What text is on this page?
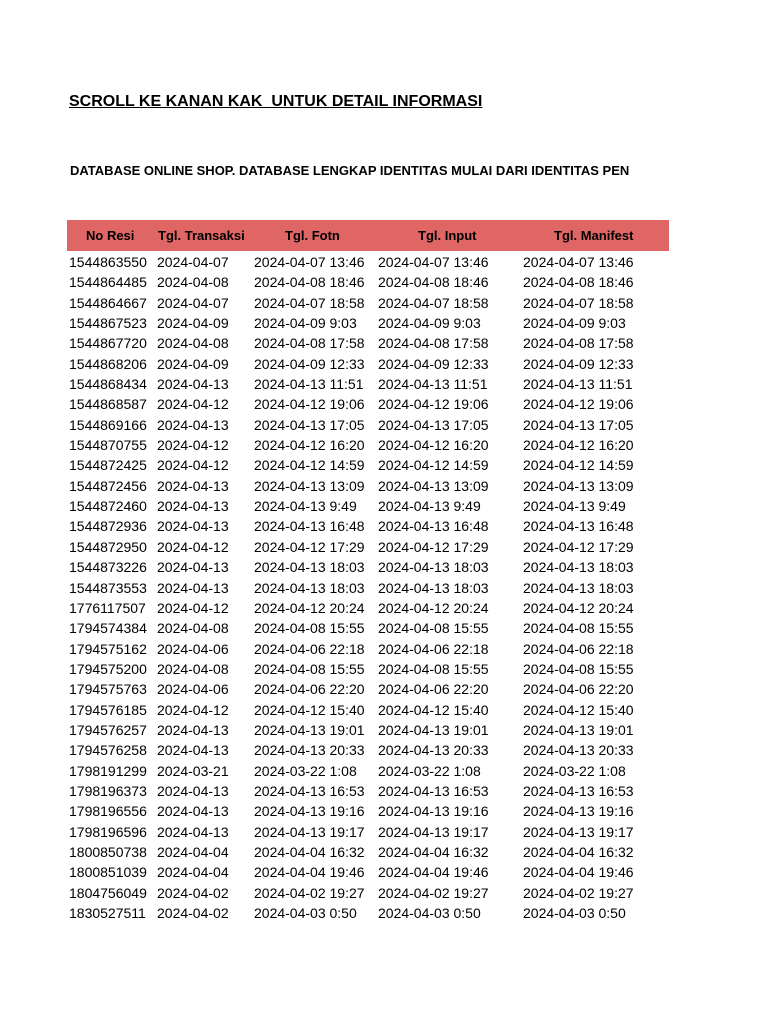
SCROLL KE KANAN KAK  UNTUK DETAIL INFORMASI
DATABASE ONLINE SHOP. DATABASE LENGKAP IDENTITAS MULAI DARI IDENTITAS PEN
No Resi Tgl. Transaksi	Tgl. Fotn	Tgl. Input	Tgl. Manifest
1544863550 2024-04-07 2024-04-07 13:46 2024-04-07 13:46 2024-04-07 13:46
1544864485 2024-04-08 2024-04-08 18:46 2024-04-08 18:46 2024-04-08 18:46
1544864667 2024-04-07 2024-04-07 18:58 2024-04-07 18:58 2024-04-07 18:58
1544867523 2024-04-09 2024-04-09 9:03 2024-04-09 9:03	2024-04-09 9:03
1544867720 2024-04-08 2024-04-08 17:58 2024-04-08 17:58 2024-04-08 17:58
1544868206 2024-04-09 2024-04-09 12:33 2024-04-09 12:33 2024-04-09 12:33
1544868434 2024-04-13 2024-04-13 11:51 2024-04-13 11:51	2024-04-13 11:51
1544868587 2024-04-12 2024-04-12 19:06 2024-04-12 19:06 2024-04-12 19:06
1544869166 2024-04-13 2024-04-13 17:05 2024-04-13 17:05 2024-04-13 17:05
1544870755 2024-04-12 2024-04-12 16:20 2024-04-12 16:20 2024-04-12 16:20
1544872425 2024-04-12 2024-04-12 14:59 2024-04-12 14:59 2024-04-12 14:59
1544872456 2024-04-13 2024-04-13 13:09 2024-04-13 13:09 2024-04-13 13:09
1544872460 2024-04-13 2024-04-13 9:49 2024-04-13 9:49	2024-04-13 9:49
1544872936 2024-04-13 2024-04-13 16:48 2024-04-13 16:48 2024-04-13 16:48
1544872950 2024-04-12 2024-04-12 17:29 2024-04-12 17:29 2024-04-12 17:29
1544873226 2024-04-13 2024-04-13 18:03 2024-04-13 18:03 2024-04-13 18:03
1544873553 2024-04-13 2024-04-13 18:03 2024-04-13 18:03 2024-04-13 18:03
1776117507 2024-04-12 2024-04-12 20:24 2024-04-12 20:24 2024-04-12 20:24
1794574384 2024-04-08 2024-04-08 15:55 2024-04-08 15:55 2024-04-08 15:55
1794575162 2024-04-06 2024-04-06 22:18 2024-04-06 22:18 2024-04-06 22:18
1794575200 2024-04-08 2024-04-08 15:55 2024-04-08 15:55 2024-04-08 15:55
1794575763 2024-04-06 2024-04-06 22:20 2024-04-06 22:20 2024-04-06 22:20
1794576185 2024-04-12 2024-04-12 15:40 2024-04-12 15:40 2024-04-12 15:40
1794576257 2024-04-13 2024-04-13 19:01 2024-04-13 19:01 2024-04-13 19:01
1794576258 2024-04-13 2024-04-13 20:33 2024-04-13 20:33 2024-04-13 20:33
1798191299 2024-03-21 2024-03-22 1:08 2024-03-22 1:08	2024-03-22 1:08
1798196373 2024-04-13 2024-04-13 16:53 2024-04-13 16:53 2024-04-13 16:53
1798196556 2024-04-13 2024-04-13 19:16 2024-04-13 19:16 2024-04-13 19:16
1798196596 2024-04-13 2024-04-13 19:17 2024-04-13 19:17 2024-04-13 19:17
1800850738 2024-04-04 2024-04-04 16:32 2024-04-04 16:32 2024-04-04 16:32
1800851039 2024-04-04 2024-04-04 19:46 2024-04-04 19:46 2024-04-04 19:46
1804756049 2024-04-02 2024-04-02 19:27 2024-04-02 19:27 2024-04-02 19:27
1830527511 2024-04-02 2024-04-03 0:50 2024-04-03 0:50	2024-04-03 0:50
